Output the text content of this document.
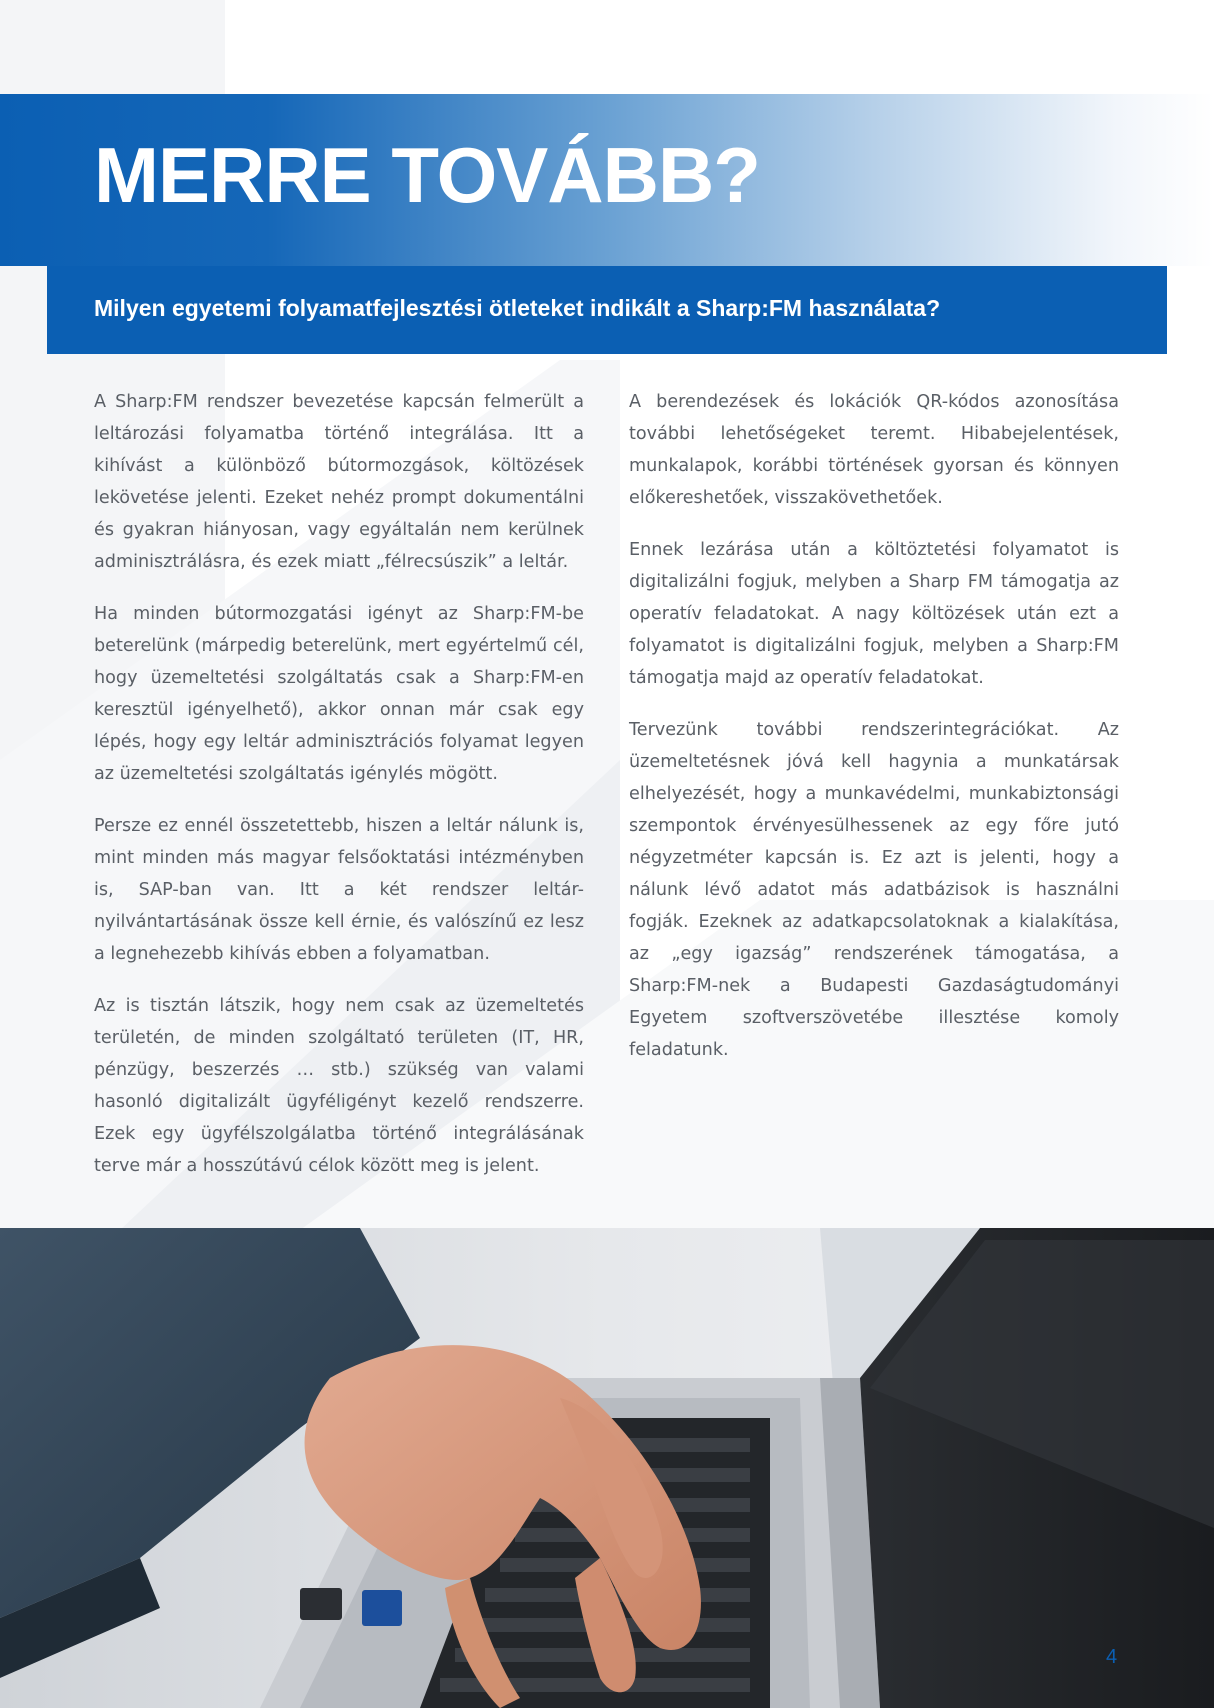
MERRE TOVÁBB?
Milyen egyetemi folyamatfejlesztési ötleteket indikált a Sharp:FM használata?

A Sharp:FM rendszer bevezetése kapcsán felmerült a leltározási folyamatba történő integrálása. Itt a kihívást a különböző bútormozgások, költözések lekövetése jelenti. Ezeket nehéz prompt dokumentálni és gyakran hiányosan, vagy egyáltalán nem kerülnek adminisztrálásra, és ezek miatt „félrecsúszik” a leltár.

Ha minden bútormozgatási igényt az Sharp:FM-be beterelünk (márpedig beterelünk, mert egyértelmű cél, hogy üzemeltetési szolgáltatás csak a Sharp:FM-en keresztül igényelhető), akkor onnan már csak egy lépés, hogy egy leltár adminisztrációs folyamat legyen az üzemeltetési szolgáltatás igénylés mögött.

Persze ez ennél összetettebb, hiszen a leltár nálunk is, mint minden más magyar felsőoktatási intézményben is, SAP-ban van. Itt a két rendszer leltár-nyilvántartásának össze kell érnie, és valószínű ez lesz a legnehezebb kihívás ebben a folyamatban.

Az is tisztán látszik, hogy nem csak az üzemeltetés területén, de minden szolgáltató területen (IT, HR, pénzügy, beszerzés … stb.) szükség van valami hasonló digitalizált ügyféligényt kezelő rendszerre. Ezek egy ügyfélszolgálatba történő integrálásának terve már a hosszútávú célok között meg is jelent.

A berendezések és lokációk QR-kódos azonosítása további lehetőségeket teremt. Hibabejelentések, munkalapok, korábbi történések gyorsan és könnyen előkereshetőek, visszakövethetőek.

Ennek lezárása után a költöztetési folyamatot is digitalizálni fogjuk, melyben a Sharp FM támogatja az operatív feladatokat. A nagy költözések után ezt a folyamatot is digitalizálni fogjuk, melyben a Sharp:FM támogatja majd az operatív feladatokat.

Tervezünk további rendszerintegrációkat. Az üzemeltetésnek jóvá kell hagynia a munkatársak elhelyezését, hogy a munkavédelmi, munkabiztonsági szempontok érvényesülhessenek az egy főre jutó négyzetméter kapcsán is. Ez azt is jelenti, hogy a nálunk lévő adatot más adatbázisok is használni fogják. Ezeknek az adatkapcsolatoknak a kialakítása, az „egy igazság” rendszerének támogatása, a Sharp:FM-nek a Budapesti Gazdaságtudományi Egyetem szoftverszövetébe illesztése komoly feladatunk.

4
